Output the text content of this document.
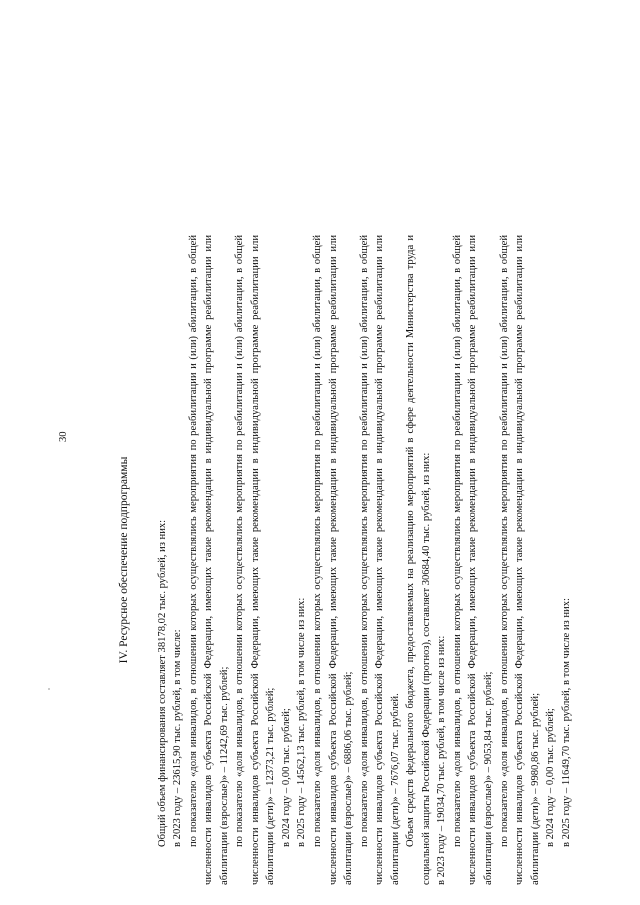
30

IV. Ресурсное обеспечение подпрограммы	Общий объем финансирования составляет 38178,02 тыс. рублей, из них: в 2023 году – 23615,90 тыс. рублей, в том числе: по показателю «доля инвалидов, в отношении которых осуществлялись мероприятия по реабилитации и (или) абилитации, в общей численности инвалидов субъекта Российской Федерации, имеющих такие рекомендации в индивидуальной программе реабилитации или абилитации (взрослые)» – 11242,69 тыс. рублей; по показателю «доля инвалидов, в отношении которых осуществлялись мероприятия по реабилитации и (или) абилитации, в общей численности инвалидов субъекта Российской Федерации, имеющих такие рекомендации в индивидуальной программе реабилитации или абилитации (дети)» – 12373,21 тыс. рублей; в 2024 году – 0,00 тыс. рублей; в 2025 году – 14562,13 тыс. рублей, в том числе из них: по показателю «доля инвалидов, в отношении которых осуществлялись мероприятия по реабилитации и (или) абилитации, в общей численности инвалидов субъекта Российской Федерации, имеющих такие рекомендации в индивидуальной программе реабилитации или абилитации (взрослые)» – 6886,06 тыс. рублей; по показателю «доля инвалидов, в отношении которых осуществлялись мероприятия по реабилитации и (или) абилитации, в общей численности инвалидов субъекта Российской Федерации, имеющих такие рекомендации в индивидуальной программе реабилитации или абилитации (дети)» – 7676,07 тыс. рублей. Объем средств федерального бюджета, предоставляемых на реализацию мероприятий в сфере деятельности Министерства труда и социальной защиты Российской Федерации (прогноз), составляет 30684,40 тыс. рублей, из них: в 2023 году – 19034,70 тыс. рублей, в том числе из них: по показателю «доля инвалидов, в отношении которых осуществлялись мероприятия по реабилитации и (или) абилитации, в общей численности инвалидов субъекта Российской Федерации, имеющих такие рекомендации в индивидуальной программе реабилитации или абилитации (взрослые)» – 9053,84 тыс. рублей; по показателю «доля инвалидов, в отношении которых осуществлялись мероприятия по реабилитации и (или) абилитации, в общей численности инвалидов субъекта Российской Федерации, имеющих такие рекомендации в индивидуальной программе реабилитации или абилитации (дети)» – 9980,86 тыс. рублей; в 2024 году – 0,00 тыс. рублей; в 2025 году – 11649,70 тыс. рублей, в том числе из них:
